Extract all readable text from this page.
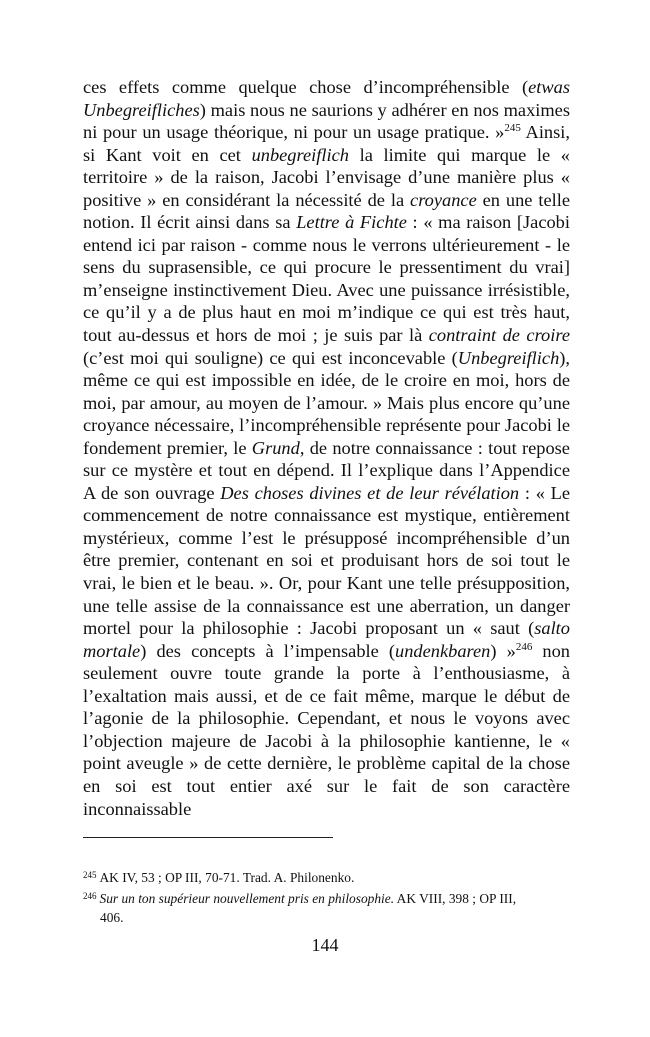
ces effets comme quelque chose d’incompréhensible (etwas Unbegreifliches) mais nous ne saurions y adhérer en nos maximes ni pour un usage théorique, ni pour un usage pratique. »$^{245}$ Ainsi, si Kant voit en cet unbegreiflich la limite qui marque le « territoire » de la raison, Jacobi l’envisage d’une manière plus « positive » en considérant la nécessité de la croyance en une telle notion. Il écrit ainsi dans sa Lettre à Fichte : « ma raison [Jacobi entend ici par raison - comme nous le verrons ultérieurement - le sens du suprasensible, ce qui procure le pressentiment du vrai] m’enseigne instinctivement Dieu. Avec une puissance irrésistible, ce qu’il y a de plus haut en moi m’indique ce qui est très haut, tout au-dessus et hors de moi ; je suis par là contraint de croire (c’est moi qui souligne) ce qui est inconcevable (Unbegreiflich), même ce qui est impossible en idée, de le croire en moi, hors de moi, par amour, au moyen de l’amour. » Mais plus encore qu’une croyance nécessaire, l’incompréhensible représente pour Jacobi le fondement premier, le Grund, de notre connaissance : tout repose sur ce mystère et tout en dépend. Il l’explique dans l’Appendice A de son ouvrage Des choses divines et de leur révélation : « Le commencement de notre connaissance est mystique, entièrement mystérieux, comme l’est le présupposé incompréhensible d’un être premier, contenant en soi et produisant hors de soi tout le vrai, le bien et le beau. ». Or, pour Kant une telle présupposition, une telle assise de la connaissance est une aberration, un danger mortel pour la philosophie : Jacobi proposant un « saut (salto mortale) des concepts à l’impensable (undenkbaren) »$^{246}$ non seulement ouvre toute grande la porte à l’enthousiasme, à l’exaltation mais aussi, et de ce fait même, marque le début de l’agonie de la philosophie. Cependant, et nous le voyons avec l’objection majeure de Jacobi à la philosophie kantienne, le « point aveugle » de cette dernière, le problème capital de la chose en soi est tout entier axé sur le fait de son caractère inconnaissable

$^{245}$ AK IV, 53 ; OP III, 70-71. Trad. A. Philonenko.

$^{246}$ Sur un ton supérieur nouvellement pris en philosophie. AK VIII, 398 ; OP III,
406.

144
